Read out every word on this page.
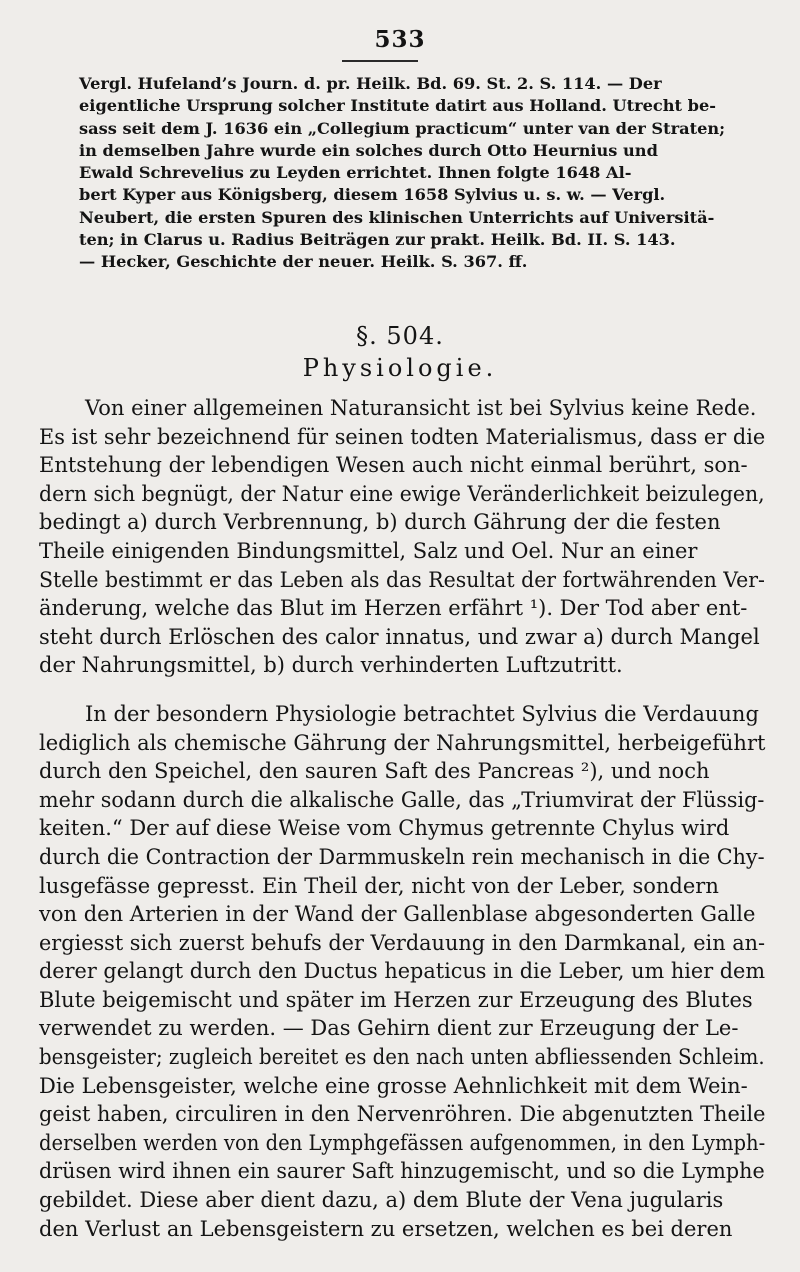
533
Vergl. Hufeland’s Journ. d. pr. Heilk. Bd. 69. St. 2. S. 114. — Der
eigentliche Ursprung solcher Institute datirt aus Holland. Utrecht be-
sass seit dem J. 1636 ein „Collegium practicum“ unter van der Straten;
in demselben Jahre wurde ein solches durch Otto Heurnius und
Ewald Schrevelius zu Leyden errichtet. Ihnen folgte 1648 Al-
bert Kyper aus Königsberg, diesem 1658 Sylvius u. s. w. — Vergl.
Neubert, die ersten Spuren des klinischen Unterrichts auf Universitä-
ten; in Clarus u. Radius Beiträgen zur prakt. Heilk. Bd. II. S. 143.
— Hecker, Geschichte der neuer. Heilk. S. 367. ff.
§. 504.
Physiologie.
Von einer allgemeinen Naturansicht ist bei Sylvius keine Rede.
Es ist sehr bezeichnend für seinen todten Materialismus, dass er die
Entstehung der lebendigen Wesen auch nicht einmal berührt, son-
dern sich begnügt, der Natur eine ewige Veränderlichkeit beizulegen,
bedingt a) durch Verbrennung, b) durch Gährung der die festen
Theile einigenden Bindungsmittel, Salz und Oel. Nur an einer
Stelle bestimmt er das Leben als das Resultat der fortwährenden Ver-
änderung, welche das Blut im Herzen erfährt ¹). Der Tod aber ent-
steht durch Erlöschen des calor innatus, und zwar a) durch Mangel
der Nahrungsmittel, b) durch verhinderten Luftzutritt.
In der besondern Physiologie betrachtet Sylvius die Verdauung
lediglich als chemische Gährung der Nahrungsmittel, herbeigeführt
durch den Speichel, den sauren Saft des Pancreas ²), und noch
mehr sodann durch die alkalische Galle, das „Triumvirat der Flüssig-
keiten.“ Der auf diese Weise vom Chymus getrennte Chylus wird
durch die Contraction der Darmmuskeln rein mechanisch in die Chy-
lusgefässe gepresst. Ein Theil der, nicht von der Leber, sondern
von den Arterien in der Wand der Gallenblase abgesonderten Galle
ergiesst sich zuerst behufs der Verdauung in den Darmkanal, ein an-
derer gelangt durch den Ductus hepaticus in die Leber, um hier dem
Blute beigemischt und später im Herzen zur Erzeugung des Blutes
verwendet zu werden. — Das Gehirn dient zur Erzeugung der Le-
bensgeister; zugleich bereitet es den nach unten abfliessenden Schleim.
Die Lebensgeister, welche eine grosse Aehnlichkeit mit dem Wein-
geist haben, circuliren in den Nervenröhren. Die abgenutzten Theile
derselben werden von den Lymphgefässen aufgenommen, in den Lymph-
drüsen wird ihnen ein saurer Saft hinzugemischt, und so die Lymphe
gebildet. Diese aber dient dazu, a) dem Blute der Vena jugularis
den Verlust an Lebensgeistern zu ersetzen, welchen es bei deren
